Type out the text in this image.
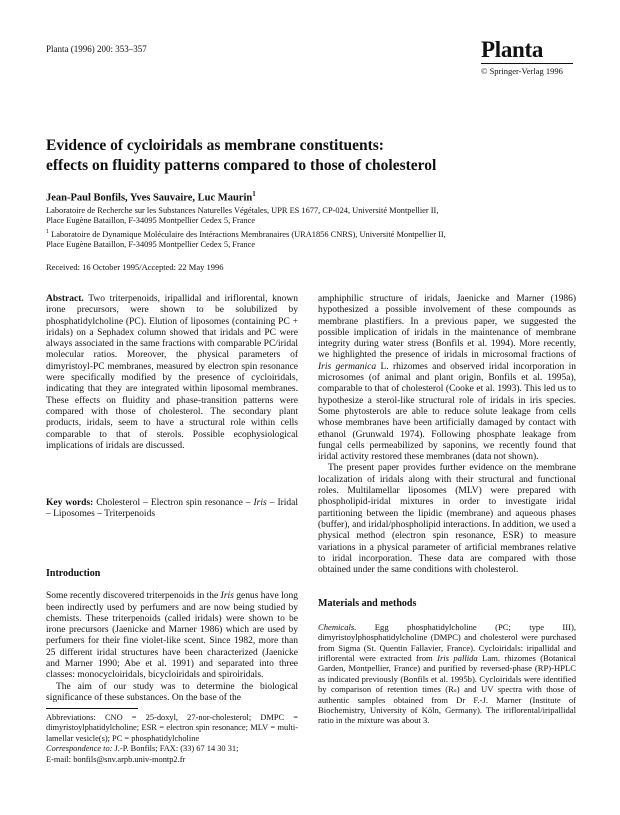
Planta (1996) 200: 353–357	Planta
© Springer-Verlag 1996
Evidence of cycloiridals as membrane constituents:
effects on fluidity patterns compared to those of cholesterol
Jean-Paul Bonfils, Yves Sauvaire, Luc Maurin$^1$
Laboratoire de Recherche sur les Substances Naturelles Végétales, UPR ES 1677, CP-024, Université Montpellier II,
Place Eugène Bataillon, F-34095 Montpellier Cedex 5, France
$^1$ Laboratoire de Dynamique Moléculaire des Intéractions Membranaires (URA1856 CNRS), Université Montpellier II,
Place Eugène Bataillon, F-34095 Montpellier Cedex 5, France
Received: 16 October 1995/Accepted: 22 May 1996

Abstract. Two triterpenoids, iripallidal and iriflorental, known irone precursors, were shown to be solubilized by phosphatidylcholine (PC). Elution of liposomes (containing PC + iridals) on a Sephadex column showed that iridals and PC were always associated in the same fractions with comparable PC/iridal molecular ratios. Moreover, the physical parameters of dimyristoyl-PC membranes, measured by electron spin resonance were specifically modified by the presence of cycloiridals, indicating that they are integrated within liposomal membranes. These effects on fluidity and phase-transition patterns were compared with those of cholesterol. The secondary plant products, iridals, seem to have a structural role within cells comparable to that of sterols. Possible ecophysiological implications of iridals are discussed.

Key words: Cholesterol – Electron spin resonance – Iris – Iridal – Liposomes – Triterpenoids

Introduction

Some recently discovered triterpenoids in the Iris genus have long been indirectly used by perfumers and are now being studied by chemists. These triterpenoids (called iridals) were shown to be irone precursors (Jaenicke and Marner 1986) which are used by perfumers for their fine violet-like scent. Since 1982, more than 25 different iridal structures have been characterized (Jaenicke and Marner 1990; Abe et al. 1991) and separated into three classes: monocycloiridals, bicycloiridals and spiroiridals.

The aim of our study was to determine the biological significance of these substances. On the base of the

Abbreviations: CNO = 25-doxyl, 27-nor-cholesterol; DMPC = dimyristoylphatidylcholine; ESR = electron spin resonance; MLV = multi-lamellar vesicle(s); PC = phosphatidylcholine

Correspondence to: J.-P. Bonfils; FAX: (33) 67 14 30 31;

E-mail: bonfils@snv.arpb.univ-montp2.fr

amphiphilic structure of iridals, Jaenicke and Marner (1986) hypothesized a possible involvement of these compounds as membrane plastifiers. In a previous paper, we suggested the possible implication of iridals in the maintenance of membrane integrity during water stress (Bonfils et al. 1994). More recently, we highlighted the presence of iridals in microsomal fractions of Iris germanica L. rhizomes and observed iridal incorporation in microsomes (of animal and plant origin, Bonfils et al. 1995a), comparable to that of cholesterol (Cooke et al. 1993). This led us to hypothesize a sterol-like structural role of iridals in iris species. Some phytosterols are able to reduce solute leakage from cells whose membranes have been artificially damaged by contact with ethanol (Grunwald 1974). Following phosphate leakage from fungal cells permeabilized by saponins, we recently found that iridal activity restored these membranes (data not shown).

The present paper provides further evidence on the membrane localization of iridals along with their structural and functional roles. Multilamellar liposomes (MLV) were prepared with phospholipid-iridal mixtures in order to investigate iridal partitioning between the lipidic (membrane) and aqueous phases (buffer), and iridal/phospholipid interactions. In addition, we used a physical method (electron spin resonance, ESR) to measure variations in a physical parameter of artificial membranes relative to iridal incorporation. These data are compared with those obtained under the same conditions with cholesterol.

Materials and methods

Chemicals. Egg phosphatidylcholine (PC; type III), dimyristoylphosphatidylcholine (DMPC) and cholesterol were purchased from Sigma (St. Quentin Fallavier, France). Cycloiridals: iripallidal and iriflorental were extracted from Iris pallida Lam. rhizomes (Botanical Garden, Montpellier, France) and purified by reversed-phase (RP)-HPLC as indicated previously (Bonfils et al. 1995b). Cycloiridals were identified by comparison of retention times (Rₛ) and UV spectra with those of authentic samples obtained from Dr F.-J. Marner (Institute of Biochemistry, University of Köln, Germany). The iriflorental/iripallidal ratio in the mixture was about 3.
